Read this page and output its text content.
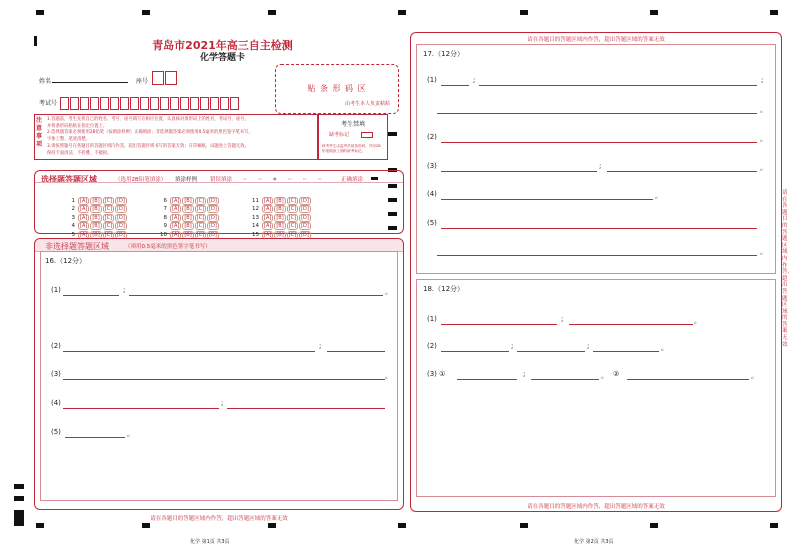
青岛市2021年高三自主检测
化学答题卡
姓名	座号
考试号
贴 条 形 码 区
由考生本人负责粘贴
注意事项
1.答题前，考生先将自己的姓名、考号、座号填写在相应位置，认真核对条形码上的姓名、考试号、座号，
并将条形码粘贴在指定位置上。
2.选择题答案必须使用2B铅笔（按填涂样例）正确填涂；非选择题答案必须使用0.5毫米的黑色签字笔书写，
字体工整、笔迹清楚。
3.请按照题号在各题目的答题区域内作答，超出答题区域书写的答案无效；在草稿纸、试题卷上答题无效。
保持卡面清洁，不折叠、不破损。
考生禁填
缺考标记
缺考考生由监考员贴条形码，并用2B铅笔填涂上面的缺考标记。
选择题答题区域	（选用2B铅笔填涂） 填涂样例 错误填涂	▭ ▭ ● ▭ ▭ ▭	正确填涂
1 [A] [B] [C] [D]
2 [A] [B] [C] [D]
3 [A] [B] [C] [D]
4 [A] [B] [C] [D]
5 [A] [B] [C] [D]
6 [A] [B] [C] [D]
7 [A] [B] [C] [D]
8 [A] [B] [C] [D]
9 [A] [B] [C] [D]
10 [A] [B] [C] [D]
11 [A] [B] [C] [D]
12 [A] [B] [C] [D]
13 [A] [B] [C] [D]
14 [A] [B] [C] [D]
15 [A] [B] [C] [D]
非选择题答题区域	（须用0.5毫米的黑色签字笔书写）
16.（12分）
(1)	;	。
(2)	;
(3)	。
(4)	;
(5)	。
请在各题目的答题区域内作答，超出答题区域的答案无效
请在各题目的答题区域内作答，超出答题区域的答案无效
17.（12分）
(1)	;	;
。
(2)	。
(3)	;	。
(4)	。
(5)
。
18.（12分）
(1)	;	。
(2)	;	;	。
(3) ①	;	。 ②	。
请在各题目的答题区域内作答，超出答题区域的答案无效
请在各题目的答题区域内作答，超出答题区域的答案无效
化学 第1页 共3页	化学 第2页 共3页
